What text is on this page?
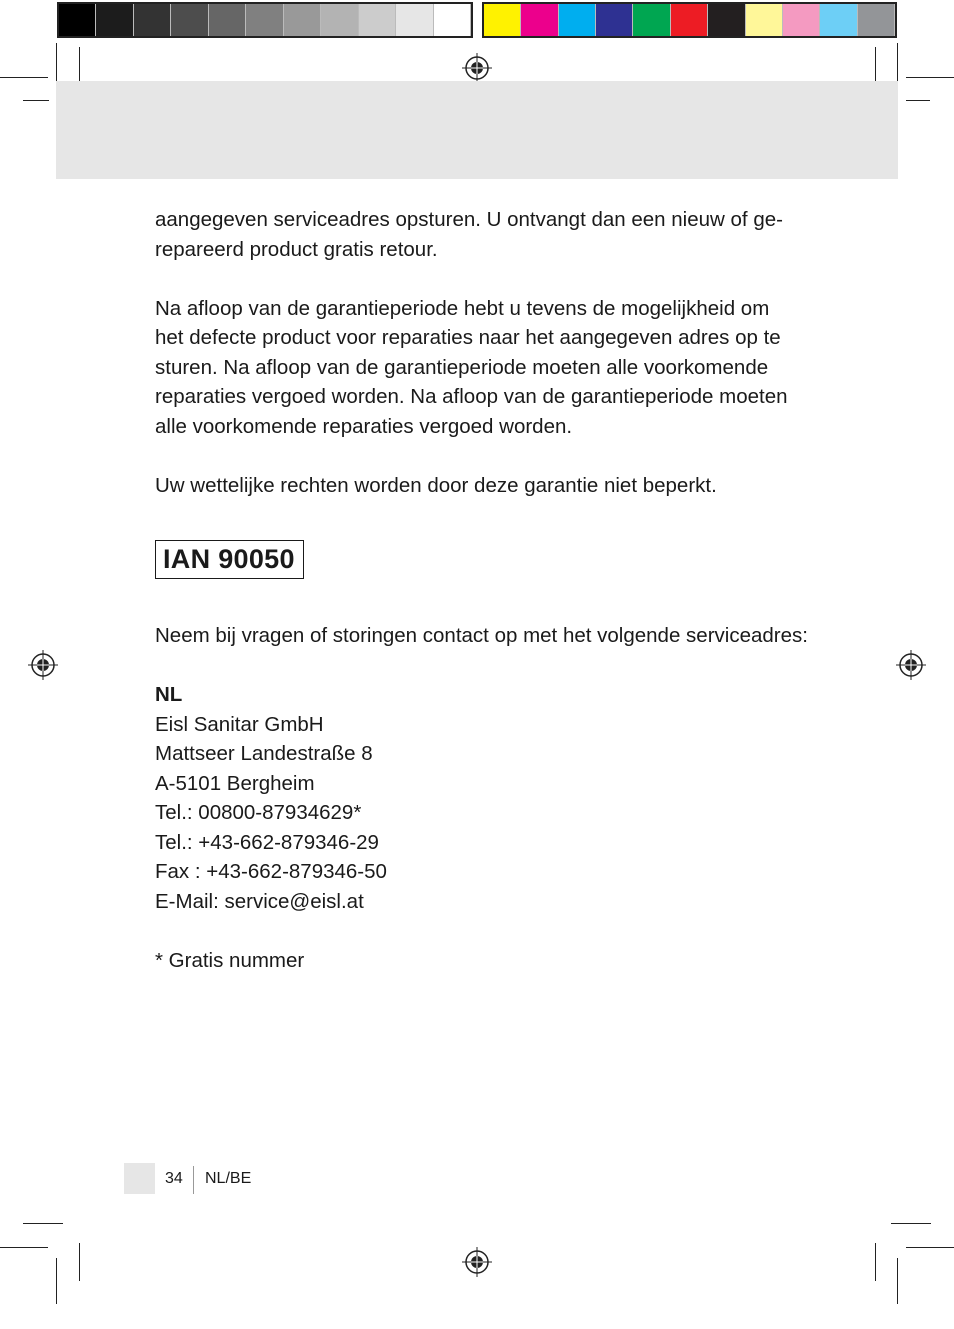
aangegeven serviceadres opsturen. U ontvangt dan een nieuw of ge-

repareerd product gratis retour.

Na afloop van de garantieperiode hebt u tevens de mogelijkheid om

het defecte product voor reparaties naar het aangegeven adres op te

sturen. Na afloop van de garantieperiode moeten alle voorkomende

reparaties vergoed worden. Na afloop van de garantieperiode moeten

alle voorkomende reparaties vergoed worden.

Uw wettelijke rechten worden door deze garantie niet beperkt.

IAN 90050

Neem bij vragen of storingen contact op met het volgende serviceadres:

NL

Eisl Sanitar GmbH

Mattseer Landestraße 8

A-5101 Bergheim

Tel.: 00800-87934629*

Tel.: +43-662-879346-29

Fax : +43-662-879346-50

E-Mail: service@eisl.at

* Gratis nummer

34 NL/BE
